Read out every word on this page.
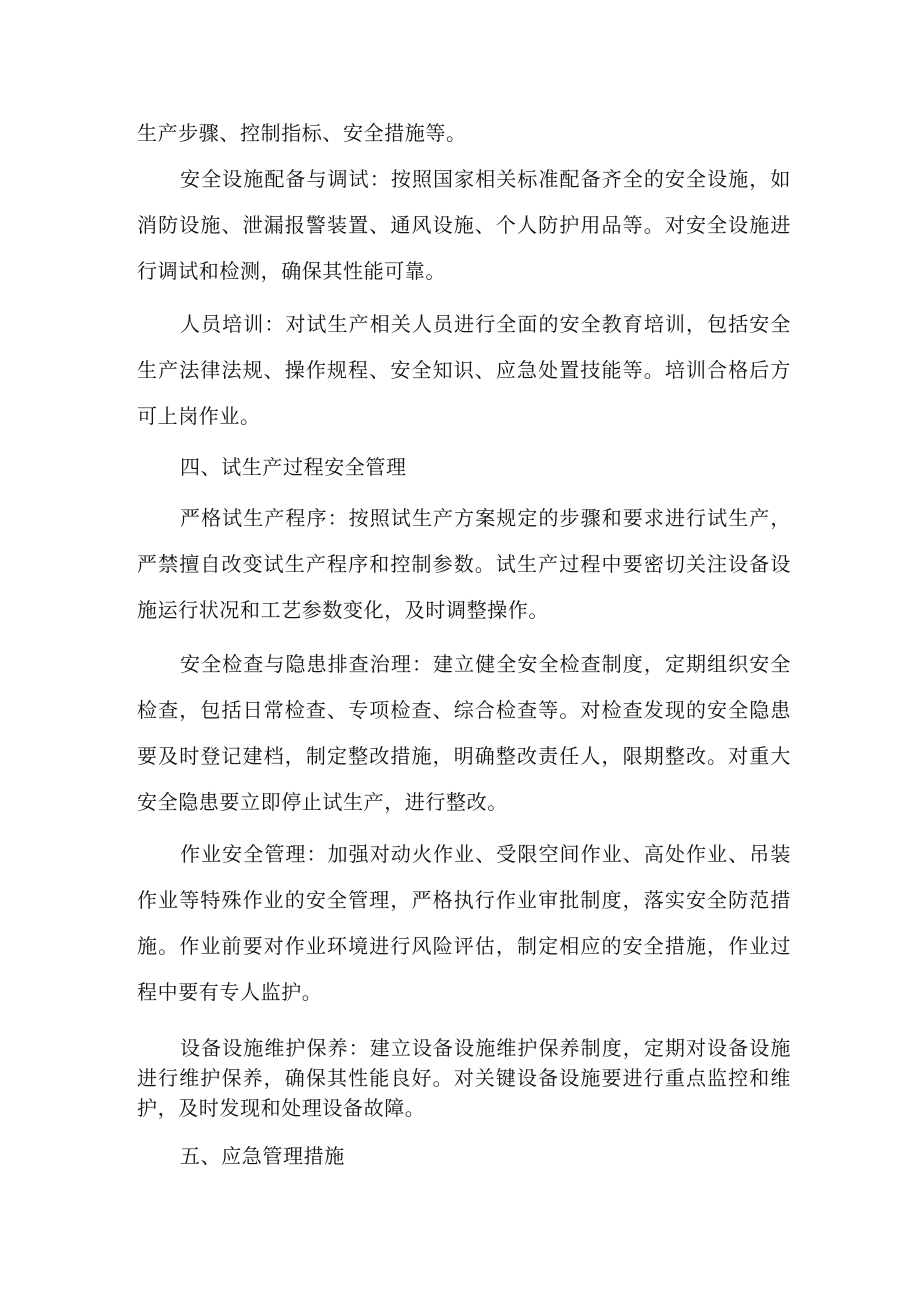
生产步骤、控制指标、安全措施等。

安全设施配备与调试：按照国家相关标准配备齐全的安全设施，如消防设施、泄漏报警装置、通风设施、个人防护用品等。对安全设施进行调试和检测，确保其性能可靠。

人员培训：对试生产相关人员进行全面的安全教育培训，包括安全生产法律法规、操作规程、安全知识、应急处置技能等。培训合格后方可上岗作业。

四、试生产过程安全管理

严格试生产程序：按照试生产方案规定的步骤和要求进行试生产，严禁擅自改变试生产程序和控制参数。试生产过程中要密切关注设备设施运行状况和工艺参数变化，及时调整操作。

安全检查与隐患排查治理：建立健全安全检查制度，定期组织安全检查，包括日常检查、专项检查、综合检查等。对检查发现的安全隐患要及时登记建档，制定整改措施，明确整改责任人，限期整改。对重大安全隐患要立即停止试生产，进行整改。

作业安全管理：加强对动火作业、受限空间作业、高处作业、吊装作业等特殊作业的安全管理，严格执行作业审批制度，落实安全防范措施。作业前要对作业环境进行风险评估，制定相应的安全措施，作业过程中要有专人监护。

设备设施维护保养：建立设备设施维护保养制度，定期对设备设施进行维护保养，确保其性能良好。对关键设备设施要进行重点监控和维护，及时发现和处理设备故障。

五、应急管理措施
